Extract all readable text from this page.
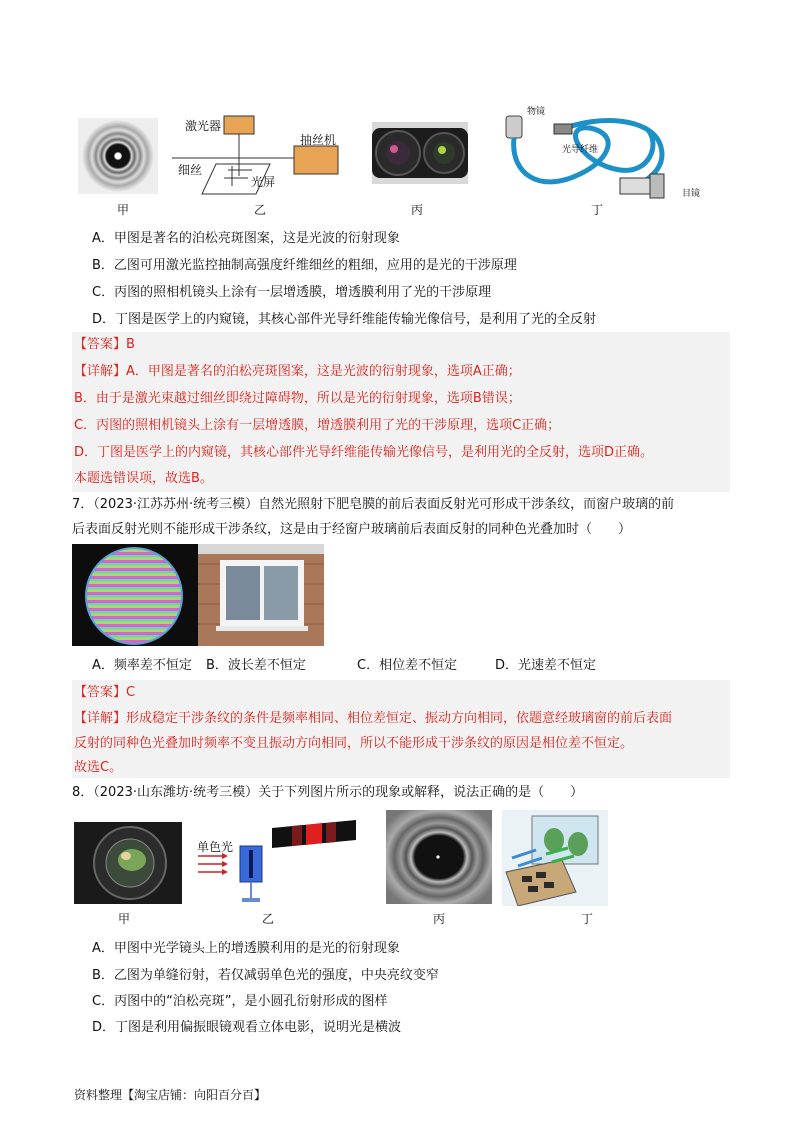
激光器
抽丝机
细丝
光屏
物镜
光导纤维
目镜
甲	乙	丙	丁
A．甲图是著名的泊松亮斑图案，这是光波的衍射现象
B．乙图可用激光监控抽制高强度纤维细丝的粗细，应用的是光的干涉原理
C．丙图的照相机镜头上涂有一层增透膜，增透膜利用了光的干涉原理
D．丁图是医学上的内窥镜，其核心部件光导纤维能传输光像信号，是利用了光的全反射
【答案】B
【详解】A．甲图是著名的泊松亮斑图案，这是光波的衍射现象，选项A正确；
B．由于是激光束越过细丝即绕过障碍物，所以是光的衍射现象，选项B错误；
C．丙图的照相机镜头上涂有一层增透膜，增透膜利用了光的干涉原理，选项C正确；
D．丁图是医学上的内窥镜，其核心部件光导纤维能传输光像信号，是利用光的全反射，选项D正确。
本题选错误项，故选B。
7．（2023·江苏苏州·统考三模）自然光照射下肥皂膜的前后表面反射光可形成干涉条纹，而窗户玻璃的前
后表面反射光则不能形成干涉条纹，这是由于经窗户玻璃前后表面反射的同种色光叠加时（　　）
A．频率差不恒定 B．波长差不恒定	C．相位差不恒定	D．光速差不恒定
【答案】C
【详解】形成稳定干涉条纹的条件是频率相同、相位差恒定、振动方向相同，依题意经玻璃窗的前后表面
反射的同种色光叠加时频率不变且振动方向相同，所以不能形成干涉条纹的原因是相位差不恒定。
故选C。
8．（2023·山东潍坊·统考三模）关于下列图片所示的现象或解释，说法正确的是（　　）
单色光
甲	乙	丙	丁
A．甲图中光学镜头上的增透膜利用的是光的衍射现象
B．乙图为单缝衍射，若仅减弱单色光的强度，中央亮纹变窄
C．丙图中的“泊松亮斑”，是小圆孔衍射形成的图样
D．丁图是利用偏振眼镜观看立体电影，说明光是横波
资料整理【淘宝店铺：向阳百分百】
